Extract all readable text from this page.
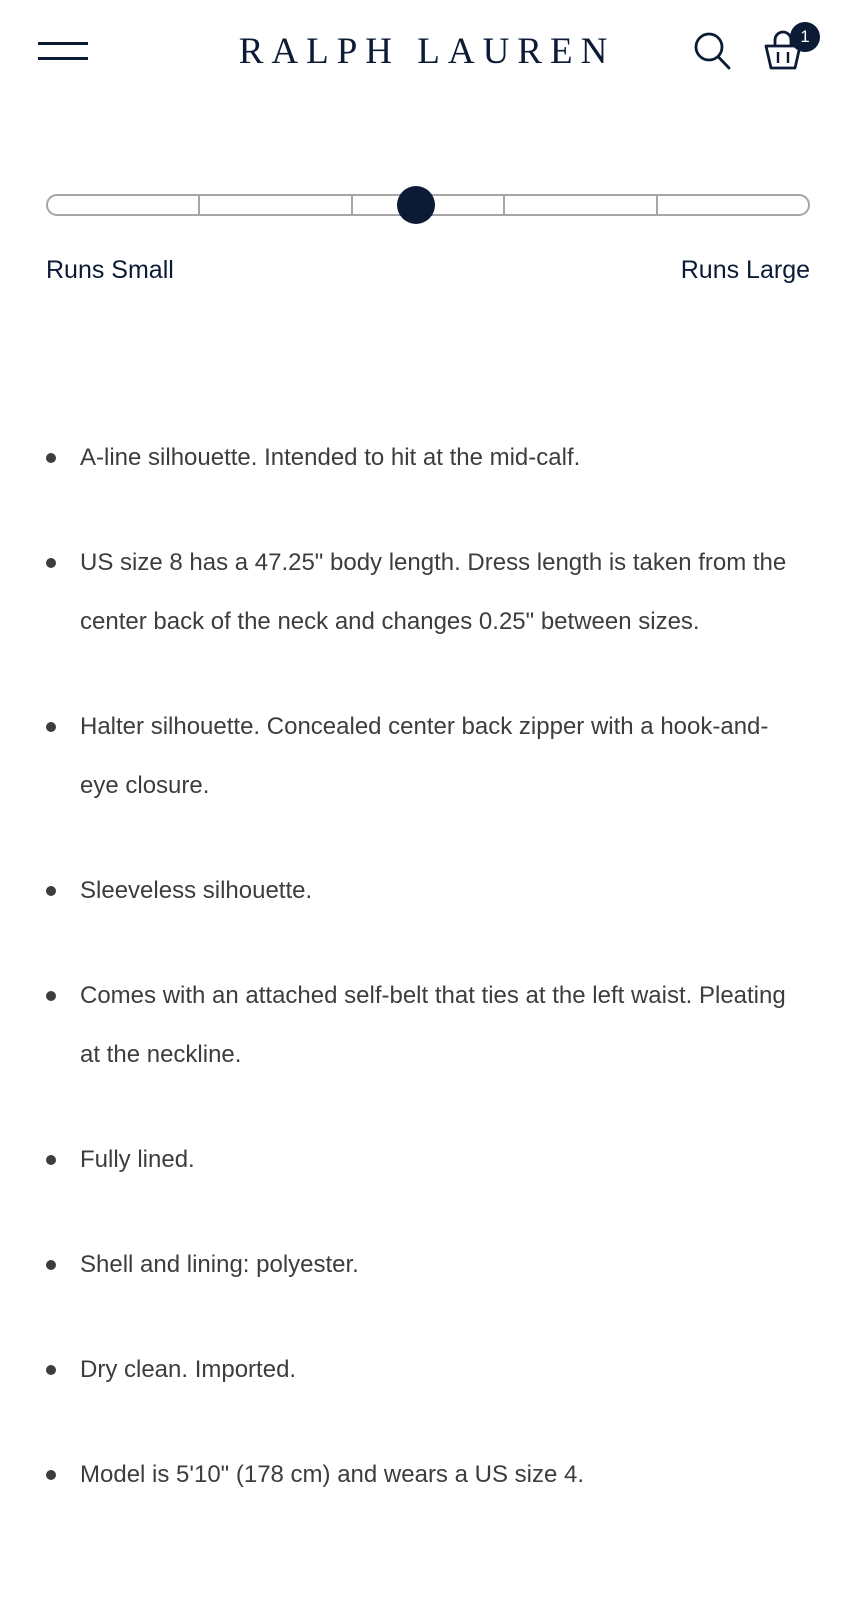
RALPH LAUREN	1
Runs Small	Runs Large
A-line silhouette. Intended to hit at the mid-calf.
US size 8 has a 47.25" body length. Dress length is taken from the center back of the neck and changes 0.25" between sizes.
Halter silhouette. Concealed center back zipper with a hook-and-eye closure.
Sleeveless silhouette.
Comes with an attached self-belt that ties at the left waist. Pleating at the neckline.
Fully lined.
Shell and lining: polyester.
Dry clean. Imported.
Model is 5'10" (178 cm) and wears a US size 4.
